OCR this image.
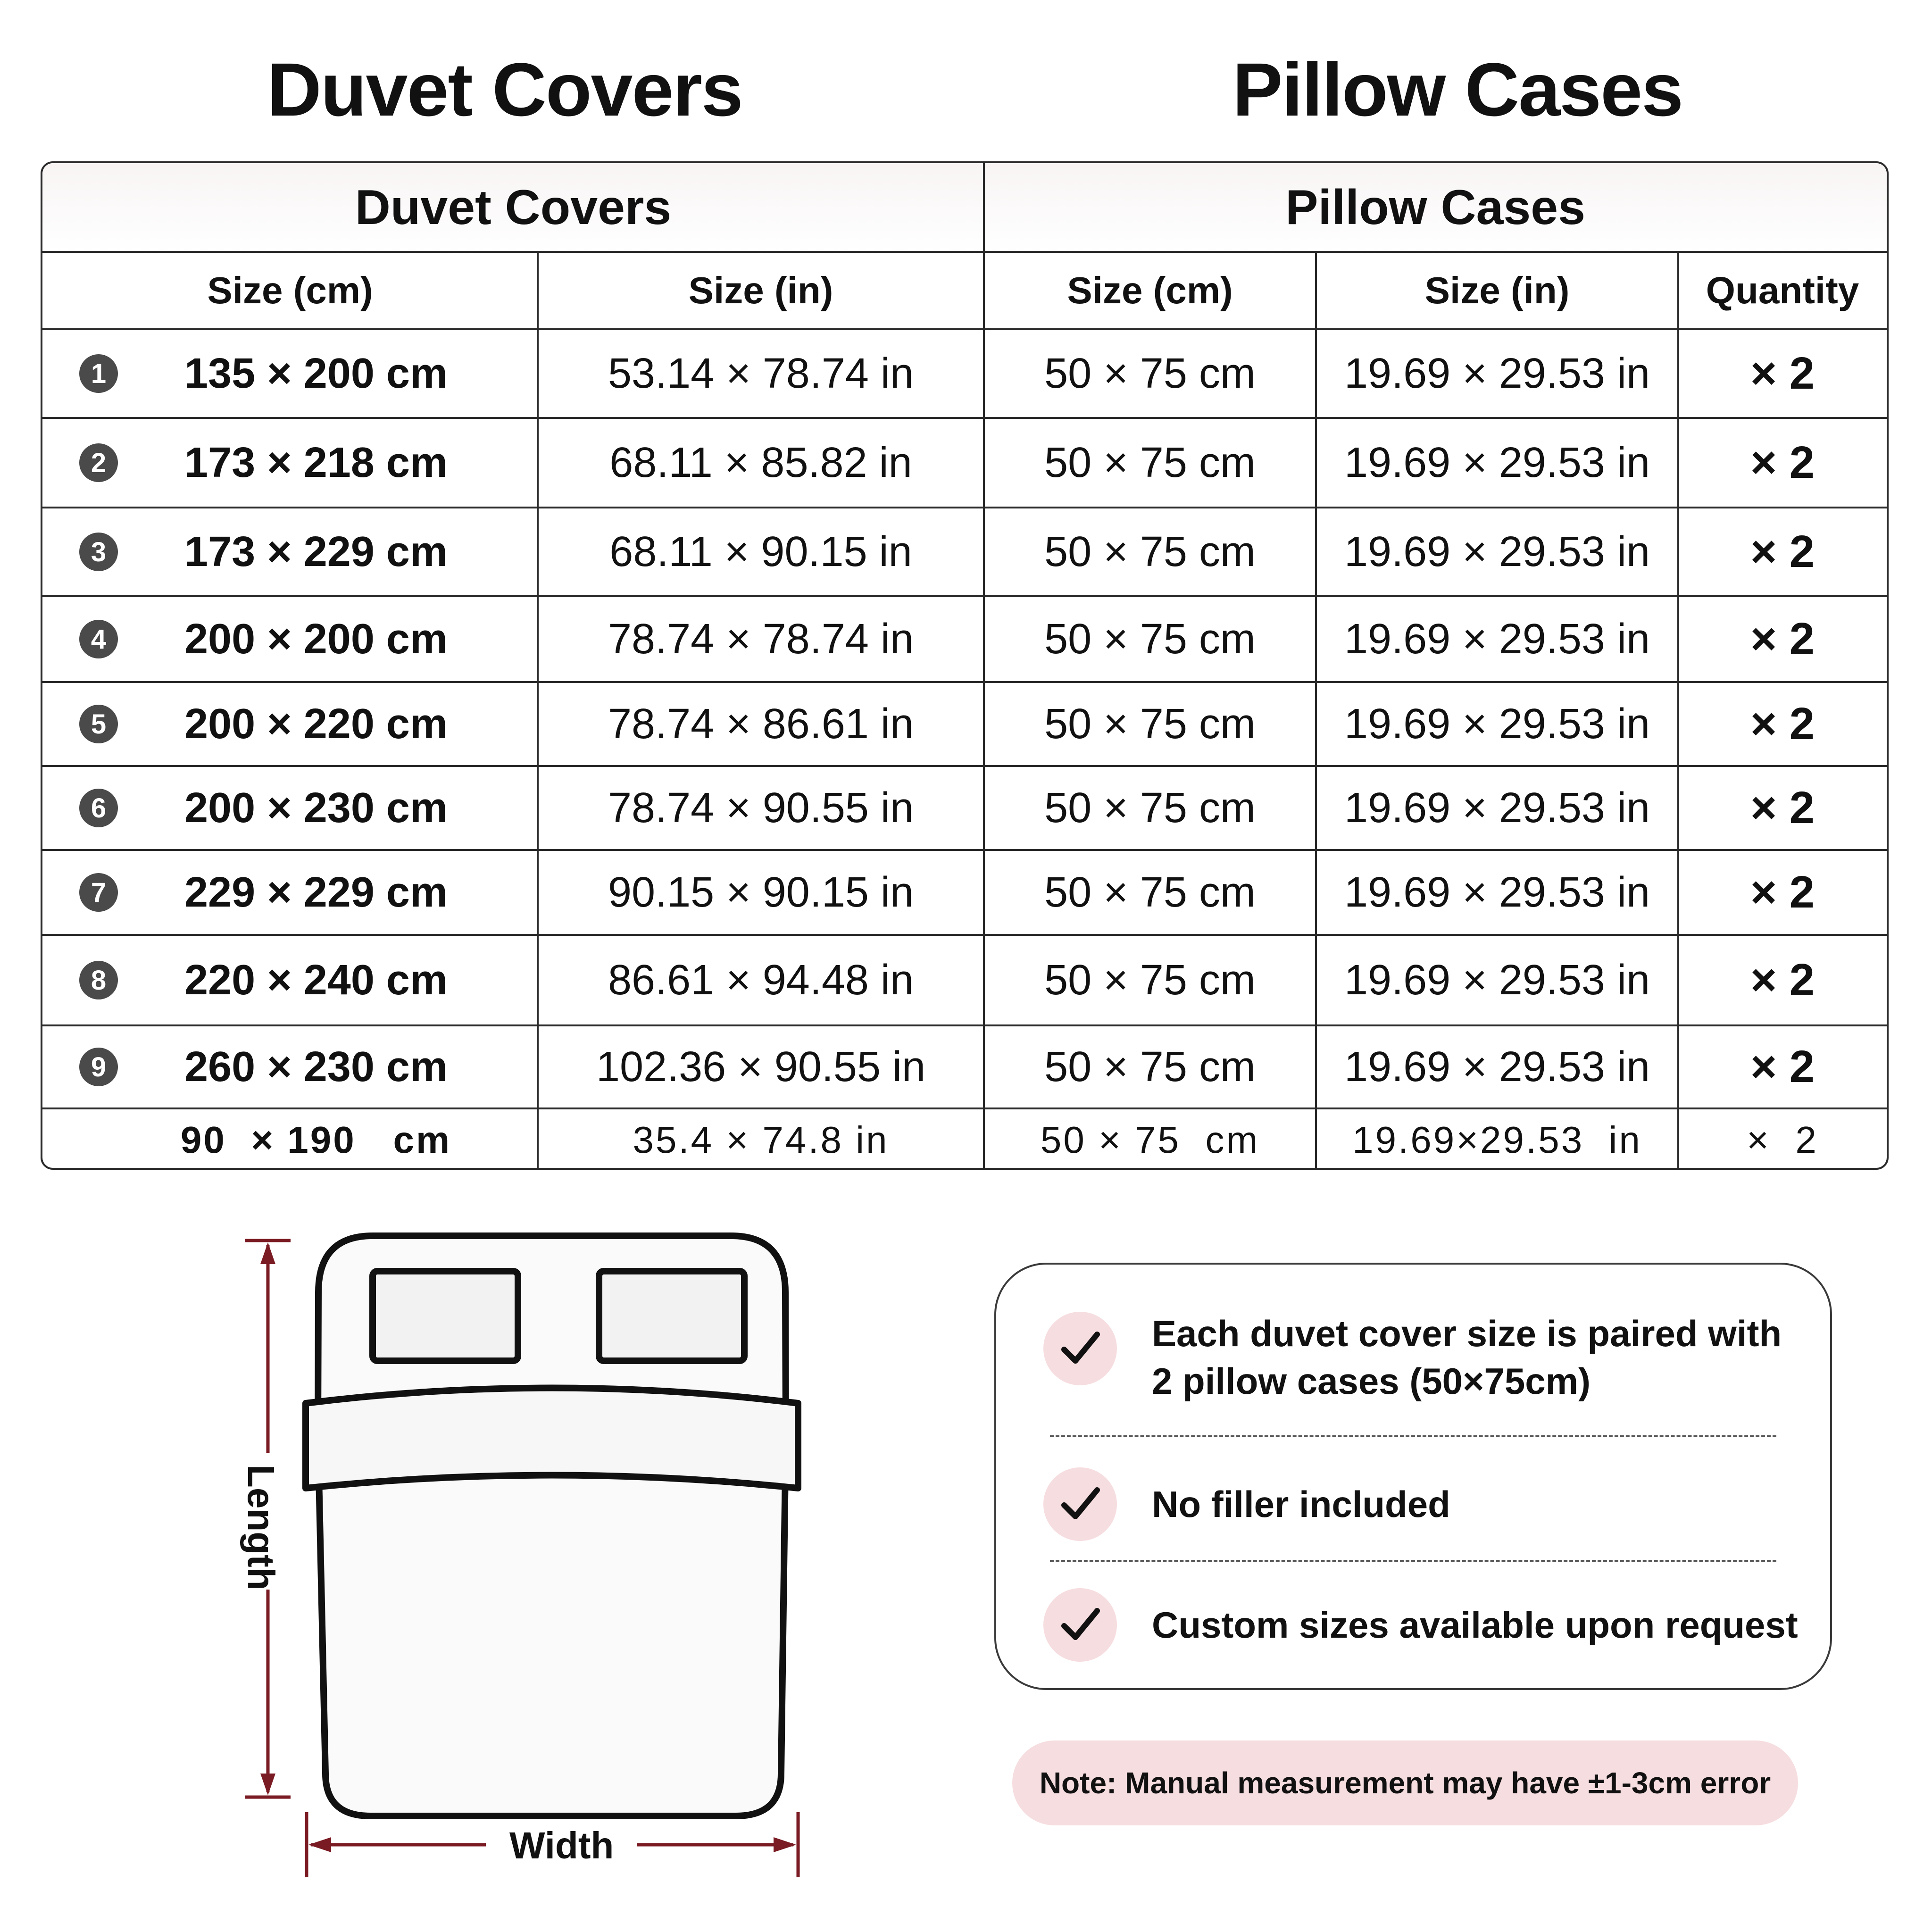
Duvet Covers	Pillow Cases
Duvet Covers	Pillow Cases
Size (cm)	Size (in)	Size (cm)	Size (in)	Quantity
135 × 200 cm	53.14 × 78.74 in	50 × 75 cm	19.69 × 29.53 in	× 2
1
173 × 218 cm	68.11 × 85.82 in	50 × 75 cm	19.69 × 29.53 in	× 2
2
173 × 229 cm	68.11 × 90.15 in	50 × 75 cm	19.69 × 29.53 in	× 2
3
200 × 200 cm	78.74 × 78.74 in	50 × 75 cm	19.69 × 29.53 in	× 2
4
200 × 220 cm	78.74 × 86.61 in	50 × 75 cm	19.69 × 29.53 in	× 2
5
200 × 230 cm	78.74 × 90.55 in	50 × 75 cm	19.69 × 29.53 in	× 2
6
229 × 229 cm	90.15 × 90.15 in	50 × 75 cm	19.69 × 29.53 in	× 2
7
220 × 240 cm	86.61 × 94.48 in	50 × 75 cm	19.69 × 29.53 in	× 2
8
260 × 230 cm	102.36 × 90.55 in	50 × 75 cm	19.69 × 29.53 in	× 2
9
90  × 190   cm	35.4 × 74.8 in	50 × 75  cm	19.69×29.53  in	×  2
Length
Width
Each duvet cover size is paired with 2 pillow cases (50×75cm)
No filler included
Custom sizes available upon request
Note: Manual measurement may have ±1-3cm error
